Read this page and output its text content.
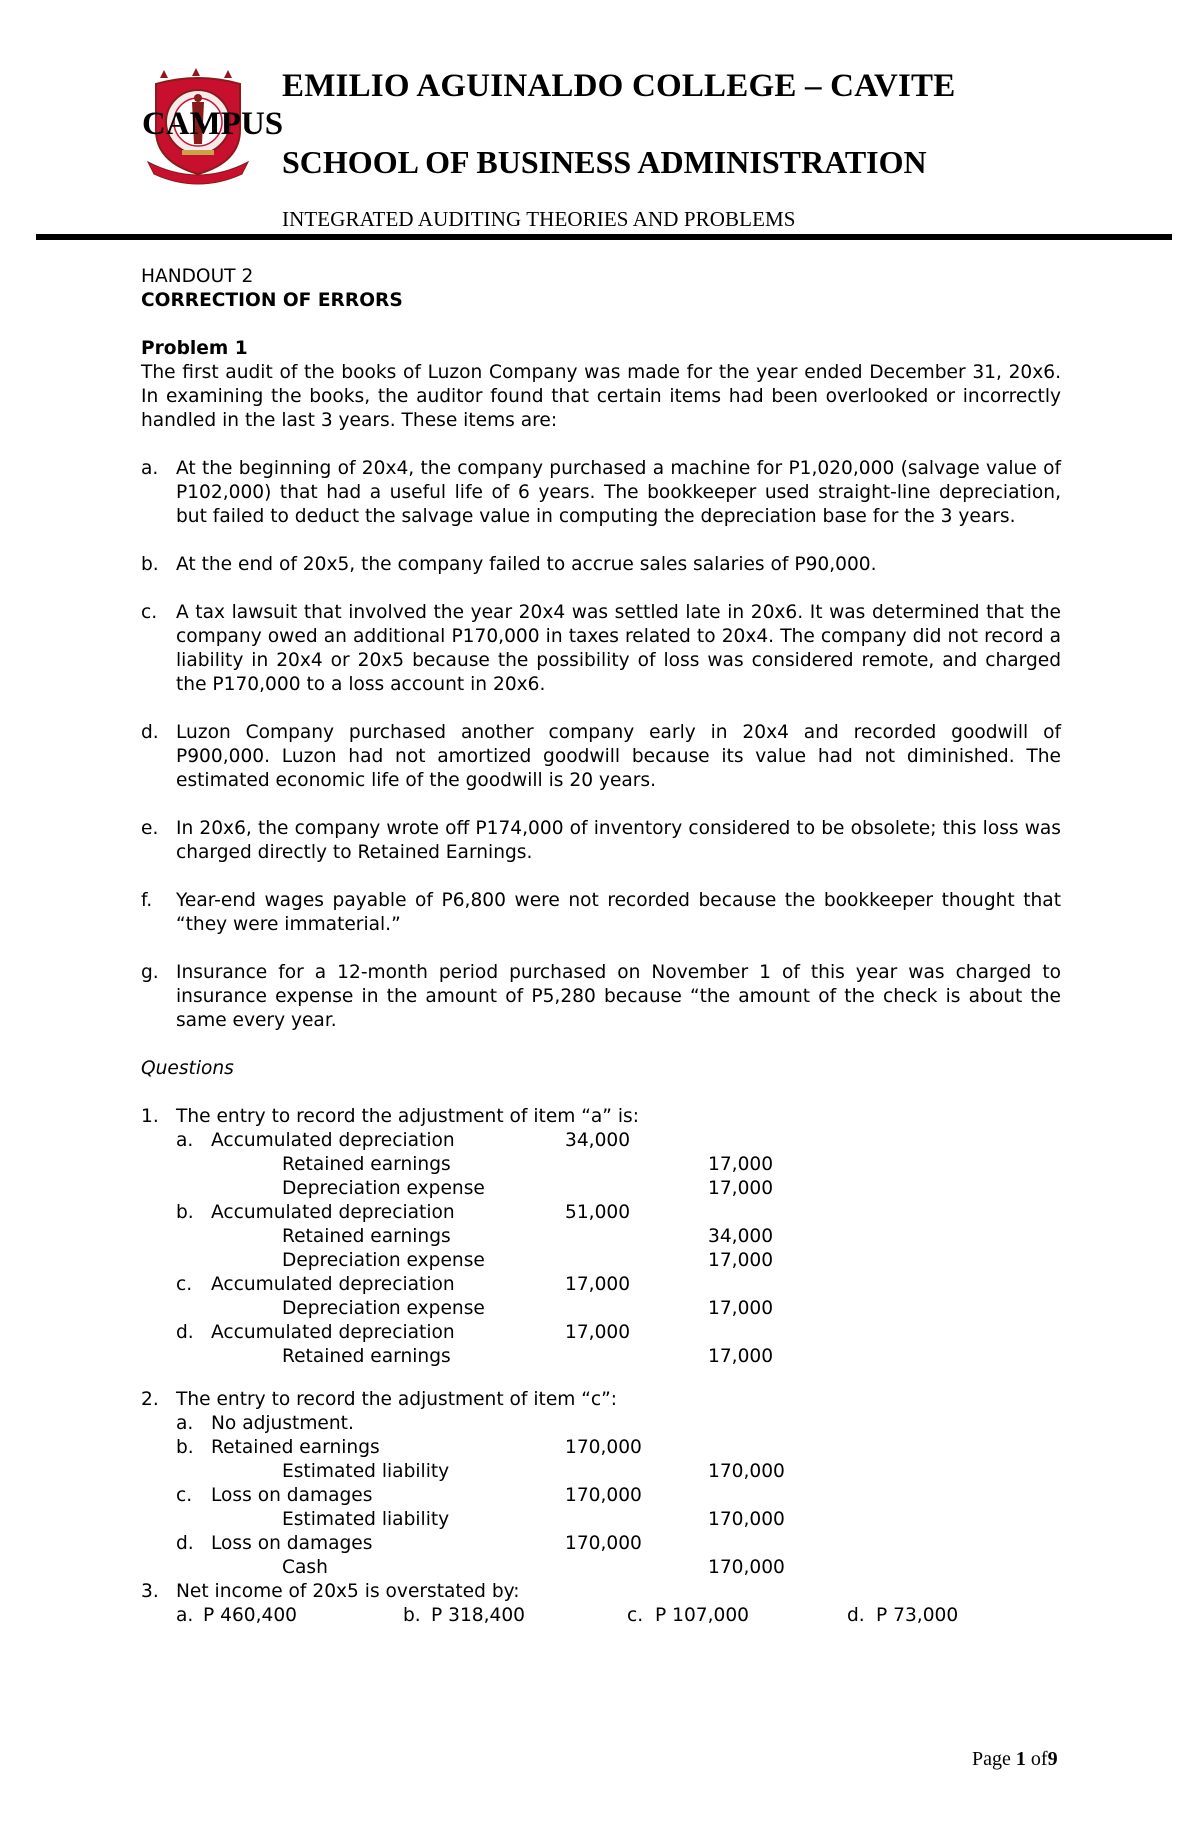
EMILIO AGUINALDO COLLEGE – CAVITE
CAMPUS
SCHOOL OF BUSINESS ADMINISTRATION
INTEGRATED AUDITING THEORIES AND PROBLEMS

HANDOUT 2

CORRECTION OF ERRORS

Problem 1

The first audit of the books of Luzon Company was made for the year ended December 31, 20x6. In examining the books, the auditor found that certain items had been overlooked or incorrectly handled in the last 3 years. These items are:

a. At the beginning of 20x4, the company purchased a machine for P1,020,000 (salvage value of P102,000) that had a useful life of 6 years. The bookkeeper used straight-line depreciation, but failed to deduct the salvage value in computing the depreciation base for the 3 years.
b. At the end of 20x5, the company failed to accrue sales salaries of P90,000.
c.	A tax lawsuit that involved the year 20x4 was settled late in 20x6. It was determined that the company owed an additional P170,000 in taxes related to 20x4. The company did not record a liability in 20x4 or 20x5 because the possibility of loss was considered remote, and charged the P170,000 to a loss account in 20x6.
d. Luzon Company purchased another company early in 20x4 and recorded goodwill of P900,000. Luzon had not amortized goodwill because its value had not diminished. The estimated economic life of the goodwill is 20 years.
e. In 20x6, the company wrote off P174,000 of inventory considered to be obsolete; this loss was charged directly to Retained Earnings.
f.	Year-end wages payable of P6,800 were not recorded because the bookkeeper thought that “they were immaterial.”
g. Insurance for a 12-month period purchased on November 1 of this year was charged to insurance expense in the amount of P5,280 because “the amount of the check is about the same every year.

Questions

1. The entry to record the adjustment of item “a” is:
a. Accumulated depreciation	34,000
Retained earnings	17,000
Depreciation expense	17,000
b. Accumulated depreciation	51,000
Retained earnings	34,000
Depreciation expense	17,000
c. Accumulated depreciation	17,000
Depreciation expense	17,000
d. Accumulated depreciation	17,000
Retained earnings	17,000
2. The entry to record the adjustment of item “c”:
a. No adjustment.
b. Retained earnings	170,000
Estimated liability	170,000
c. Loss on damages	170,000
Estimated liability	170,000
d. Loss on damages	170,000
Cash	170,000
3. Net income of 20x5 is overstated by:
a. P 460,400	b. P 318,400	c. P 107,000	d. P 73,000
Page 1 of9
